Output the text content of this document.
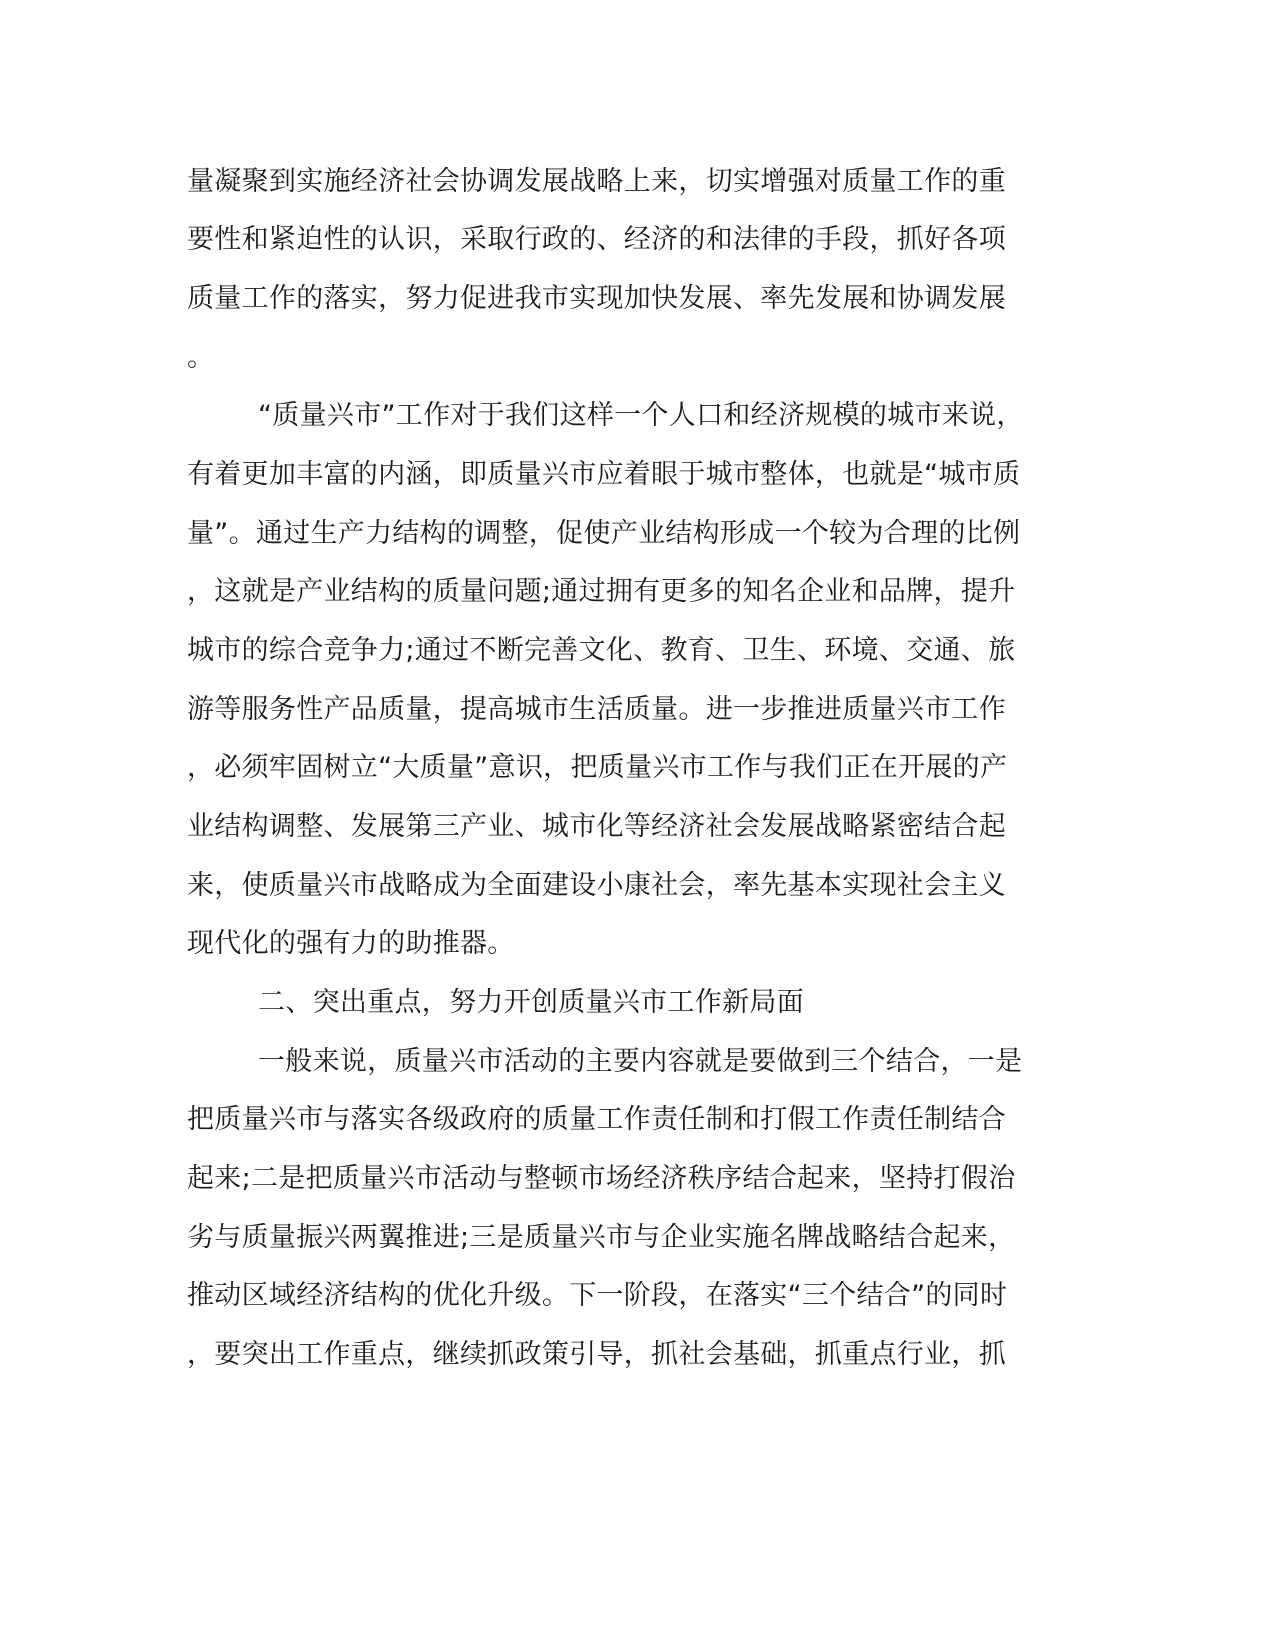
量凝聚到实施经济社会协调发展战略上来，切实增强对质量工作的重

要性和紧迫性的认识，采取行政的、经济的和法律的手段，抓好各项

质量工作的落实，努力促进我市实现加快发展、率先发展和协调发展

。

“质量兴市”工作对于我们这样一个人口和经济规模的城市来说，

有着更加丰富的内涵，即质量兴市应着眼于城市整体，也就是“城市质

量”。通过生产力结构的调整，促使产业结构形成一个较为合理的比例

，这就是产业结构的质量问题;通过拥有更多的知名企业和品牌，提升

城市的综合竞争力;通过不断完善文化、教育、卫生、环境、交通、旅

游等服务性产品质量，提高城市生活质量。进一步推进质量兴市工作

，必须牢固树立“大质量”意识，把质量兴市工作与我们正在开展的产

业结构调整、发展第三产业、城市化等经济社会发展战略紧密结合起

来，使质量兴市战略成为全面建设小康社会，率先基本实现社会主义

现代化的强有力的助推器。

二、突出重点，努力开创质量兴市工作新局面

一般来说，质量兴市活动的主要内容就是要做到三个结合，一是

把质量兴市与落实各级政府的质量工作责任制和打假工作责任制结合

起来;二是把质量兴市活动与整顿市场经济秩序结合起来，坚持打假治

劣与质量振兴两翼推进;三是质量兴市与企业实施名牌战略结合起来，

推动区域经济结构的优化升级。下一阶段，在落实“三个结合”的同时

，要突出工作重点，继续抓政策引导，抓社会基础，抓重点行业，抓
